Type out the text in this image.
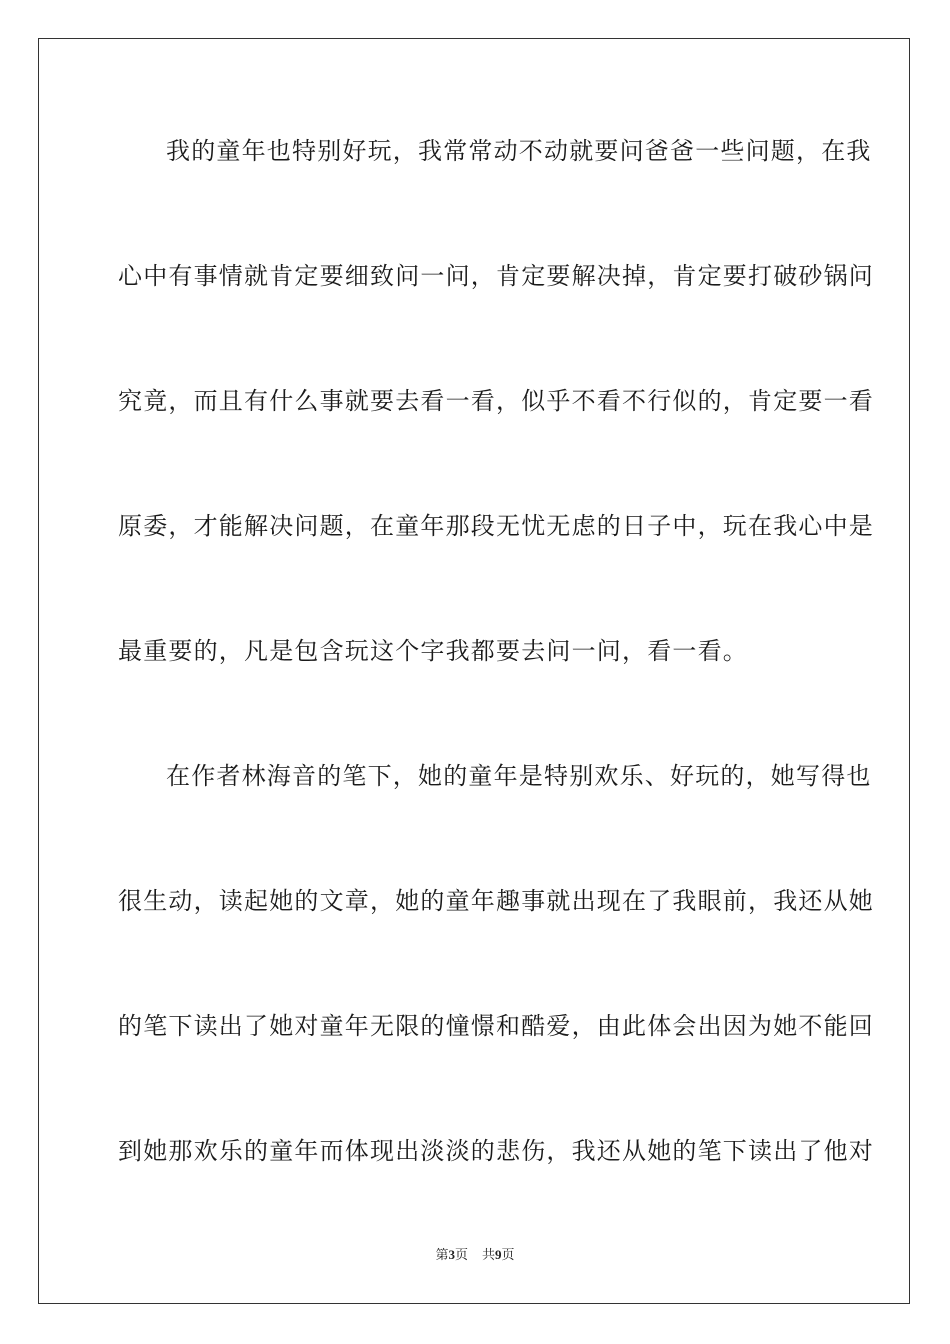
我的童年也特别好玩，我常常动不动就要问爸爸一些问题，在我
心中有事情就肯定要细致问一问，肯定要解决掉，肯定要打破砂锅问
究竟，而且有什么事就要去看一看，似乎不看不行似的，肯定要一看
原委，才能解决问题，在童年那段无忧无虑的日子中，玩在我心中是
最重要的，凡是包含玩这个字我都要去问一问，看一看。
在作者林海音的笔下，她的童年是特别欢乐、好玩的，她写得也
很生动，读起她的文章，她的童年趣事就出现在了我眼前，我还从她
的笔下读出了她对童年无限的憧憬和酷爱，由此体会出因为她不能回
到她那欢乐的童年而体现出淡淡的悲伤，我还从她的笔下读出了他对
第3页 共9页
